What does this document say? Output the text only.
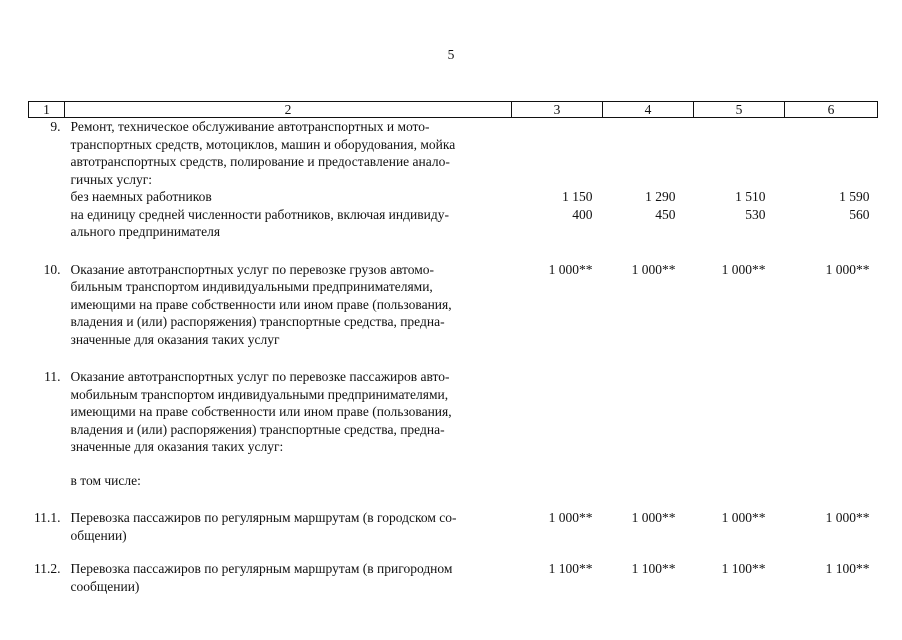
5
1	2	3	4	5	6
9.	Ремонт, техническое обслуживание автотранспортных и мото-
транспортных средств, мотоциклов, машин и оборудования, мойка
автотранспортных средств, полирование и предоставление анало-
гичных услуг:				

	без наемных работников	1 150	1 290	1 510	1 590

	на единицу средней численности работников, включая индивиду-
ального предпринимателя	400	450	530	560

10.	Оказание автотранспортных услуг по перевозке грузов автомо-
бильным транспортом индивидуальными предпринимателями,
имеющими на праве собственности или ином праве (пользования,
владения и (или) распоряжения) транспортные средства, предна-
значенные для оказания таких услуг	1 000**	1 000**	1 000**	1 000**

11.	Оказание автотранспортных услуг по перевозке пассажиров авто-
мобильным транспортом индивидуальными предпринимателями,
имеющими на праве собственности или ином праве (пользования,
владения и (или) распоряжения) транспортные средства, предна-
значенные для оказания таких услуг:				

	в том числе:				

11.1.	Перевозка пассажиров по регулярным маршрутам (в городском со-
общении)	1 000**	1 000**	1 000**	1 000**

11.2.	Перевозка пассажиров по регулярным маршрутам (в пригородном
сообщении)	1 100**	1 100**	1 100**	1 100**
